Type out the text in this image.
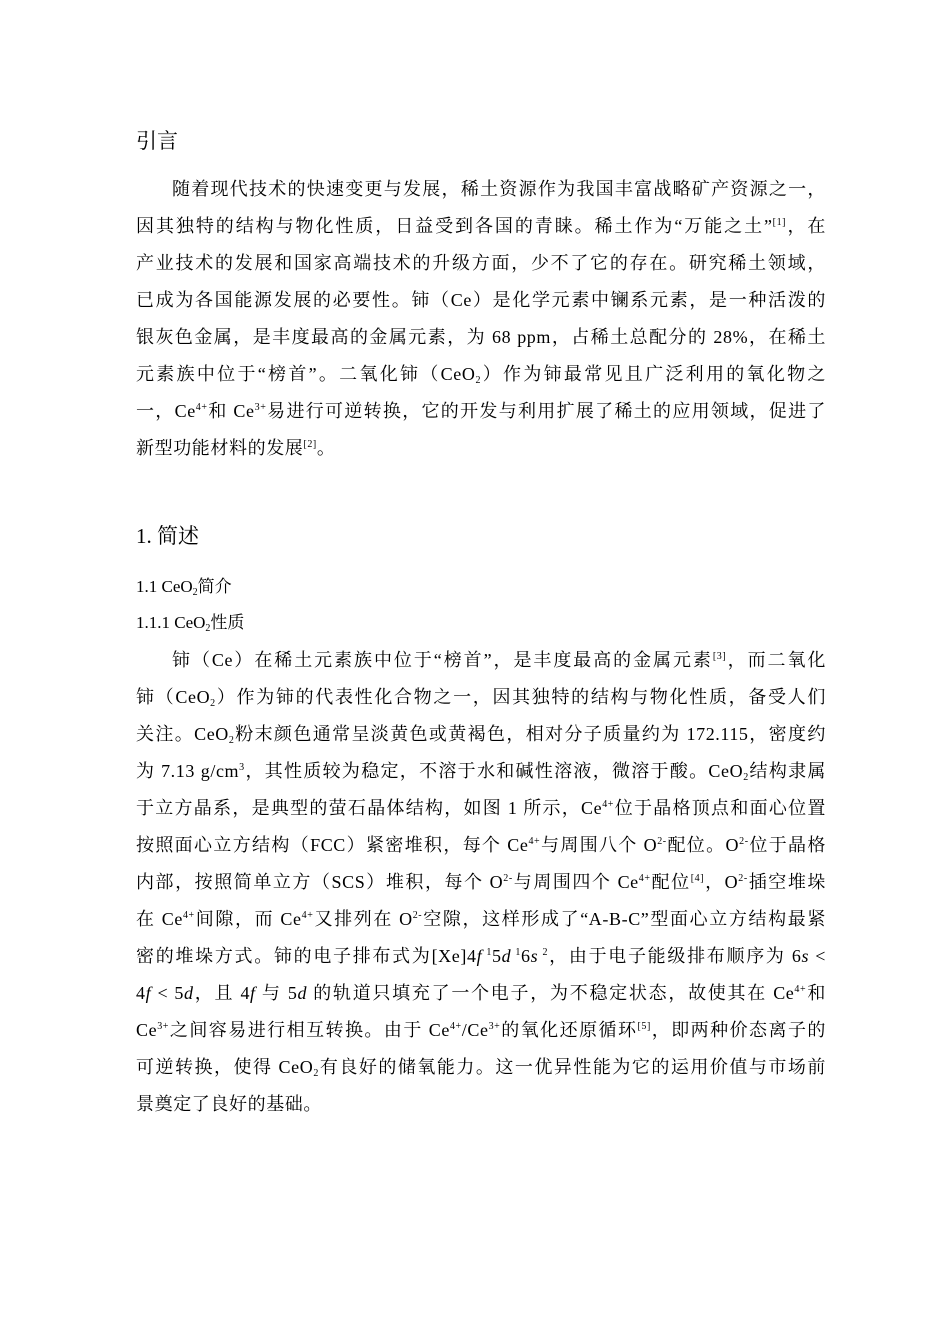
引言
随着现代技术的快速变更与发展，稀土资源作为我国丰富战略矿产资源之一，
因其独特的结构与物化性质，日益受到各国的青睐。稀土作为“万能之土”[1]，在
产业技术的发展和国家高端技术的升级方面，少不了它的存在。研究稀土领域，
已成为各国能源发展的必要性。铈（Ce）是化学元素中镧系元素，是一种活泼的
银灰色金属，是丰度最高的金属元素，为 68 ppm，占稀土总配分的 28%，在稀土
元素族中位于“榜首”。二氧化铈（CeO$_2$）作为铈最常见且广泛利用的氧化物之
一，$Ce^{4+}$和 $Ce^{3+}$易进行可逆转换，它的开发与利用扩展了稀土的应用领域，促进了
新型功能材料的发展[2]。
1. 简述
1.1 CeO$_2$简介
1.1.1 CeO$_2$性质
铈（Ce）在稀土元素族中位于“榜首”，是丰度最高的金属元素[3]，而二氧化
铈（CeO$_2$）作为铈的代表性化合物之一，因其独特的结构与物化性质，备受人们
关注。CeO$_2$粉末颜色通常呈淡黄色或黄褐色，相对分子质量约为 172.115，密度约
为 7.13 $g/cm^3$，其性质较为稳定，不溶于水和碱性溶液，微溶于酸。CeO$_2$结构隶属
于立方晶系，是典型的萤石晶体结构，如图 1 所示，$Ce^{4+}$位于晶格顶点和面心位置
按照面心立方结构（FCC）紧密堆积，每个 $Ce^{4+}$与周围八个 $O^{2-}$配位。$O^{2-}$位于晶格
内部，按照简单立方（SCS）堆积，每个 $O^{2-}$与周围四个 $Ce^{4+}$配位[4]，$O^{2-}$插空堆垛
在 $Ce^{4+}$间隙，而 $Ce^{4+}$又排列在 $O^{2-}$空隙，这样形成了“A-B-C”型面心立方结构最紧
密的堆垛方式。铈的电子排布式为[Xe]4f $^1$5d $^1$6s $^2$，由于电子能级排布顺序为 6s <
4f < 5d，且 4f 与 5d 的轨道只填充了一个电子，为不稳定状态，故使其在 $Ce^{4+}$和
$Ce^{3+}$之间容易进行相互转换。由于 $Ce^{4+}/Ce^{3+}$的氧化还原循环[5]，即两种价态离子的
可逆转换，使得 CeO$_2$有良好的储氧能力。这一优异性能为它的运用价值与市场前
景奠定了良好的基础。
